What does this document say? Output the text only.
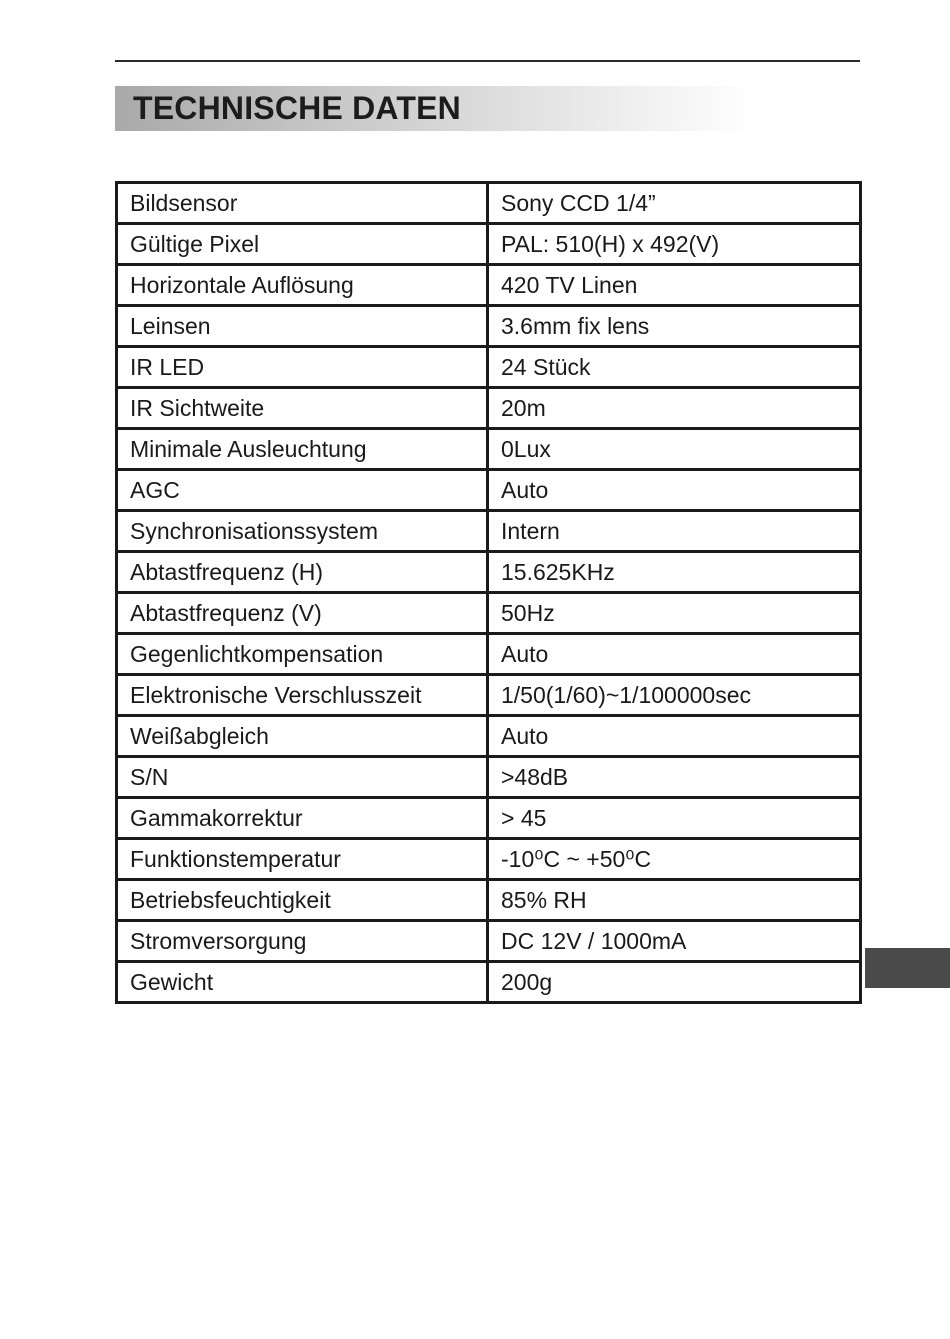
TECHNISCHE DATEN
Bildsensor	Sony CCD 1/4”
Gültige Pixel	PAL: 510(H) x 492(V)
Horizontale Auflösung	420 TV Linen
Leinsen	3.6mm fix lens
IR LED	24 Stück
IR Sichtweite	20m
Minimale Ausleuchtung	0Lux
AGC	Auto
Synchronisationssystem	Intern
Abtastfrequenz (H)	15.625KHz
Abtastfrequenz (V)	50Hz
Gegenlichtkompensation	Auto
Elektronische Verschlusszeit	1/50(1/60)~1/100000sec
Weißabgleich	Auto
S/N	>48dB
Gammakorrektur	> 45
Funktionstemperatur	-10⁰C ~ +50⁰C
Betriebsfeuchtigkeit	85% RH
Stromversorgung	DC 12V / 1000mA
Gewicht	200g
